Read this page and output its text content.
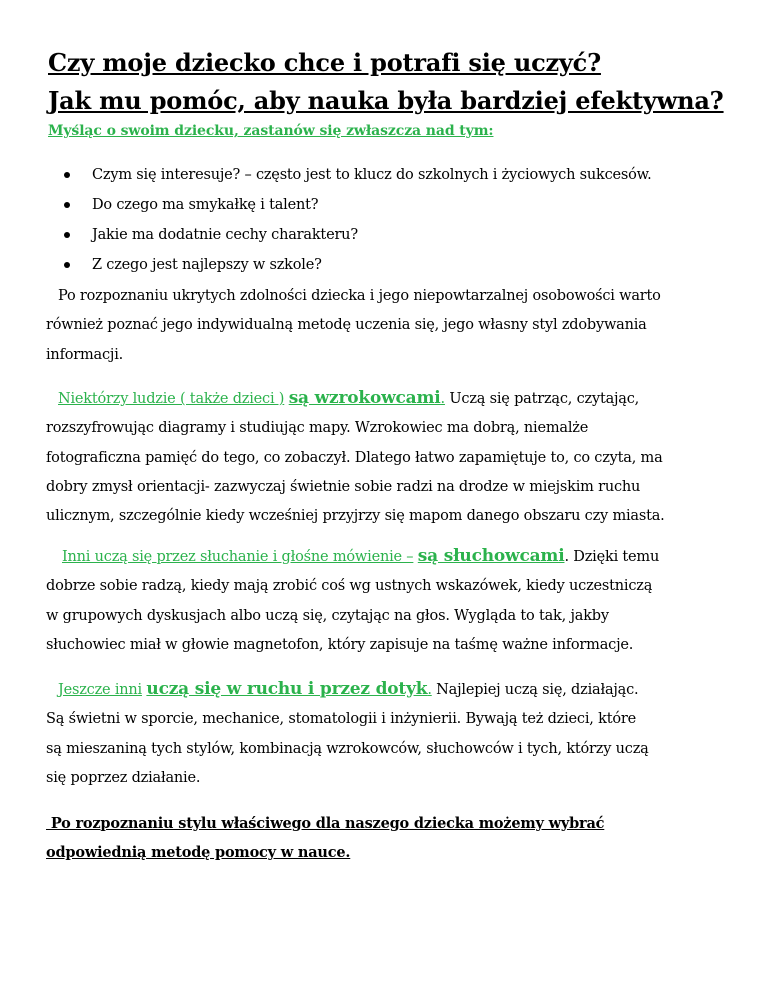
Czy moje dziecko chce i potrafi się uczyć?
Jak mu pomóc, aby nauka była bardziej efektywna?

Myśląc o swoim dziecku, zastanów się zwłaszcza nad tym:

Czym się interesuje? – często jest to klucz do szkolnych i życiowych sukcesów.
Do czego ma smykałkę i talent?
Jakie ma dodatnie cechy charakteru?
Z czego jest najlepszy w szkole?
Po rozpoznaniu ukrytych zdolności dziecka i jego niepowtarzalnej osobowości warto
również poznać jego indywidualną metodę uczenia się, jego własny styl zdobywania
informacji.
Niektórzy ludzie ( także dzieci ) są wzrokowcami. Uczą się patrząc, czytając,
rozszyfrowując diagramy i studiując mapy. Wzrokowiec ma dobrą, niemalże
fotograficzna pamięć do tego, co zobaczył. Dlatego łatwo zapamiętuje to, co czyta, ma
dobry zmysł orientacji- zazwyczaj świetnie sobie radzi na drodze w miejskim ruchu
ulicznym, szczególnie kiedy wcześniej przyjrzy się mapom danego obszaru czy miasta.
Inni uczą się przez słuchanie i głośne mówienie – są słuchowcami. Dzięki temu
dobrze sobie radzą, kiedy mają zrobić coś wg ustnych wskazówek, kiedy uczestniczą
w grupowych dyskusjach albo uczą się, czytając na głos. Wygląda to tak, jakby
słuchowiec miał w głowie magnetofon, który zapisuje na taśmę ważne informacje.
Jeszcze inni uczą się w ruchu i przez dotyk. Najlepiej uczą się, działając.
Są świetni w sporcie, mechanice, stomatologii i inżynierii. Bywają też dzieci, które
są mieszaniną tych stylów, kombinacją wzrokowców, słuchowców i tych, którzy uczą
się poprzez działanie.
Po rozpoznaniu stylu właściwego dla naszego dziecka możemy wybrać
odpowiednią metodę pomocy w nauce.
